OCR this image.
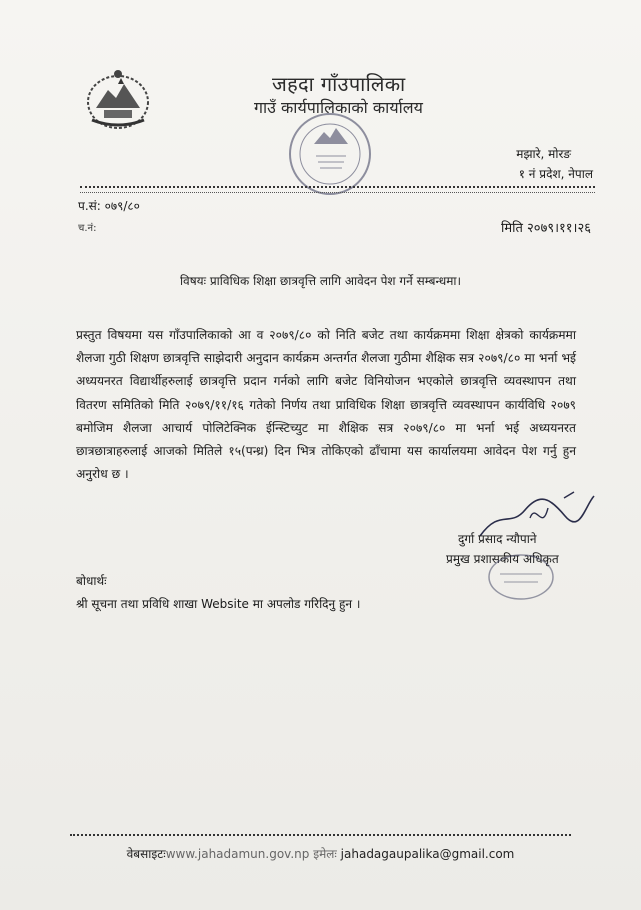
जहदा गाँउपालिका
गाउँ कार्यपालिकाको कार्यालय
मझारे, मोरङ
१ नं प्रदेश, नेपाल
प.सं: ०७९/८०
च.नं:	मिति २०७९।११।२६
विषयः प्राविधिक शिक्षा छात्रवृत्ति लागि आवेदन पेश गर्ने सम्बन्धमा।
प्रस्तुत विषयमा यस गाँउपालिकाको आ व २०७९/८० को निति बजेट तथा कार्यक्रममा शिक्षा क्षेत्रको कार्यक्रममा शैलजा गुठी शिक्षण छात्रवृत्ति साझेदारी अनुदान कार्यक्रम अन्तर्गत शैलजा गुठीमा शैक्षिक सत्र २०७९/८० मा भर्ना भई अध्ययनरत विद्यार्थीहरुलाई छात्रवृत्ति प्रदान गर्नको लागि बजेट विनियोजन भएकोले छात्रवृत्ति व्यवस्थापन तथा वितरण समितिको मिति २०७९/११/१६ गतेको निर्णय तथा प्राविधिक शिक्षा छात्रवृत्ति व्यवस्थापन कार्यविधि २०७९ बमोजिम शैलजा आचार्य पोलिटेक्निक ईन्स्टिच्युट मा शैक्षिक सत्र २०७९/८० मा भर्ना भई अध्ययनरत छात्रछात्राहरुलाई आजको मितिले १५(पन्ध्र) दिन भित्र तोकिएको ढाँचामा यस कार्यालयमा आवेदन पेश गर्नु हुन अनुरोध छ ।
दुर्गा प्रसाद न्यौपाने
प्रमुख प्रशासकीय अधिकृत
बोधार्थः
श्री सूचना तथा प्रविधि शाखा Website मा अपलोड गरिदिनु हुन ।
वेबसाइटःwww.jahadamun.gov.np इमेलः jahadagaupalika@gmail.com
